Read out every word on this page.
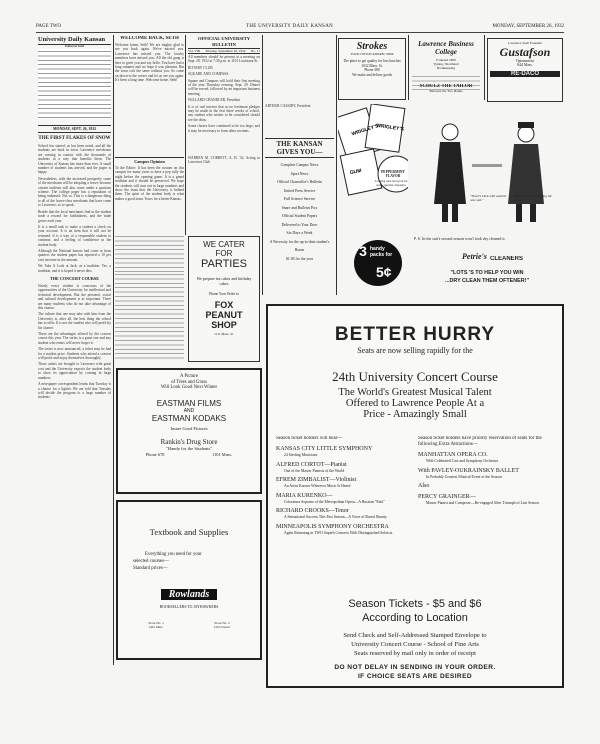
PAGE TWO	THE UNIVERSITY DAILY KANSAN	MONDAY, SEPTEMBER 26, 1932
University Daily Kansan
Editorial Staff
MONDAY, SEPT. 26, 1932
THE FIRST FLAKES OF SNOW

School has started, as has been noted, and all the students are back in town. Lawrence merchants are coming in contact with the thousands of students in a way that benefits them. The University of Kansas has more than ever. A small number of students has arrived, and the paper is happy.

Nevertheless, with the increased prosperity some of the merchants will be adopting a lower, because certain students will also come under a spurious scheme. The college paper has a reputation of being unbiased. Not so. This is a dangerous thing to all of the lower-class merchants that have come to Lawrence, so to speak.

Beside that the local merchants find in the student trade a reward for faithfulness, and the trade grows each year.

It is a small task to make a student a check on your account. It is an item that it will not be returned. It is a way of a responsible student to continue, and a feeling of confidence in the student body.

Although the National honors had come in from quarters the student paper has reported a 10 per cent increase in the amount.

We Take A Look at Jack, as a tradition. Yes, a tradition, and it is hoped it never dies.

THE CONCERT COURSE

Nearly every student is conscious of the opportunities of the University for intellectual and technical development. But the personal, social and cultural development is as important. There are many students who do not take advantage of this chance.

The culture that one may take with him from the University is, after all, the best thing the school has to offer. It is not the student who will profit by his chance.

These are the advantages offered by the concert course this year. The series is a great one and any student who enters will never forget it.

The series is now announced, a ticket may be had for a modest price. Students who attend a concert will profit and enjoy themselves thoroughly.

Those artists are brought to Lawrence with great cost and the University expects the student body to show its appreciation by coming in large numbers.

A newspaper correspondent learns that Tuesday is a chance for a lighter. We are told that Tuesday will decide the program to a large number of students.

WELCOME BACK, SETH
Welcome home, Seth! We are mighty glad to see you back again. We've missed you. Lawrence has missed you. The faculty members have missed you. All the old gang is here to greet you and say hello. You have had a long summer and we hope it was pleasant. But the town isn't the same without you. So come on down to the corner and let us see you again. It's been a long time. Welcome home, Seth!
Campus Opinion
To the Editor: It has been the custom on this campus for many years to have a pep rally the night before the opening game. It is a grand tradition and it should be preserved. We hope the students will turn out in large numbers and show the team that the University is behind them. The spirit of the student body is what makes a good team. Yours for a better Kansas.
OFFICIAL UNIVERSITY BULLETIN
Vol. VIII Monday, September 26, 1932 No. 11

All members should be present at a meeting on Sept. 28, 1932 at 7:30 p.m. at 1101 Louisiana St.

ROTARY CLUB

SQUARE AND COMPASS.

Square and Compass will hold their first meeting of the year Thursday evening, Sept. 29. Dinner will be served, followed by an important business meeting.

WILLARD CHANDLER, President

It is of real interest that as no freshman pledges may be made in the first three weeks of school, any student who wishes to be considered should see the dean.

Some classes have continued to be too large, and it may be necessary to form other sections.

WARREN M. CORBETT, A. B. '32, Acting in Lawrence Club
Strokes
YOUR COTTON APPAREL SHOP
The place to get quality for less busches
1032 Mass. St.
Phone 380
We make and deliver goods
Lawrence Business College
Founded 1869
Typing, Shorthand
Bookkeeping
Lawrence Spell Fountain
Gustafson
Optometrist
844 Mass.
RE-DACO
SCHULZ THE TAILOR
Between the Two Banks
ARTHUR CASSIDY, President
THE KANSAN GIVES YOU—
Complete Campus News
Sport News
Official Chancellor's Bulletin
United Press Service
Full Science Service
Snare and Bulletin Pics
Official Student Papers
Delivered to Your Door
Six Days a Week
A Necessity for the up-to-date student's Room
$1.00 for the year
WRIGLEY'S
WRIGLEY'S
GUM	PEPPERMINT FLAVOR
A lasting treat and good for teeth, appetite, digestion
3 handy packs for
5¢
"There's Dick with another new suit."
"Be sure mine is making the grade."
P. S. In the suit's second season won't look dry cleaned it.
Petrie's CLEANERS
"LOTS 'S TO HELP YOU WIN
...DRY CLEAN THEM OFTENER!"
WE CATER
FOR
PARTIES
We prepare tea cakes and birthday cakes
Phone Your Order to
FOX
PEANUT
SHOP
1111 Mass. St.
A Picture
of Trees and Grass
Will Look Good Next Winter
EASTMAN FILMS
AND
EASTMAN KODAKS
Insure Good Pictures
Rankin's Drug Store
"Handy for the Students"
Phone 678	1101 Mass.
Textbook and Supplies
Everything you need for your
selected courses—
Standard prices—
Rowlands
BOOKSELLERS TO JAYHAWKERS
Store No. 1	Store No. 2
1401 Ohio	1225 Oread
BETTER HURRY
Seats are now selling rapidly for the
24th University Concert Course
The World's Greatest Musical Talent
Offered to Lawrence People At a
Price - Amazingly Small
Season ticket holders will hear—
KANSAS CITY LITTLE SYMPHONY
24 Sterling Musicians
ALFRED CORTOT—Pianist
One of the Master Pianists of the World
EFREM ZIMBALIST—Violinist
An Artist Known Wherever Music Is Heard
MARIA KURENKO—
Coloratura Soprano of the Metropolitan Opera—A Russian "Patti"
RICHARD CROOKS—Tenor
A Sensational Success This Past Season—A Voice of Rarest Beauty
MINNEAPOLIS SYMPHONY ORCHESTRA
Again Returning in TWO Superb Concerts With Distinguished Soloists
Season ticket holders have priority reservation of seats for the following Extra Attractions—
MANHATTAN OPERA CO.
With Celebrated Cast and Symphony Orchestra
With PAVLEY-OUKRAINSKY BALLET
In Probably Greatest Musical Event of the Season
Also
PERCY GRAINGER—
Master Pianist and Composer—Re-engaged After Triumph of Last Season
Season Tickets - $5 and $6
According to Location
Send Check and Self-Addressed Stamped Envelope to
University Concert Course - School of Fine Arts
Seats reserved by mail only in order of receipt
DO NOT DELAY IN SENDING IN YOUR ORDER.
IF CHOICE SEATS ARE DESIRED
